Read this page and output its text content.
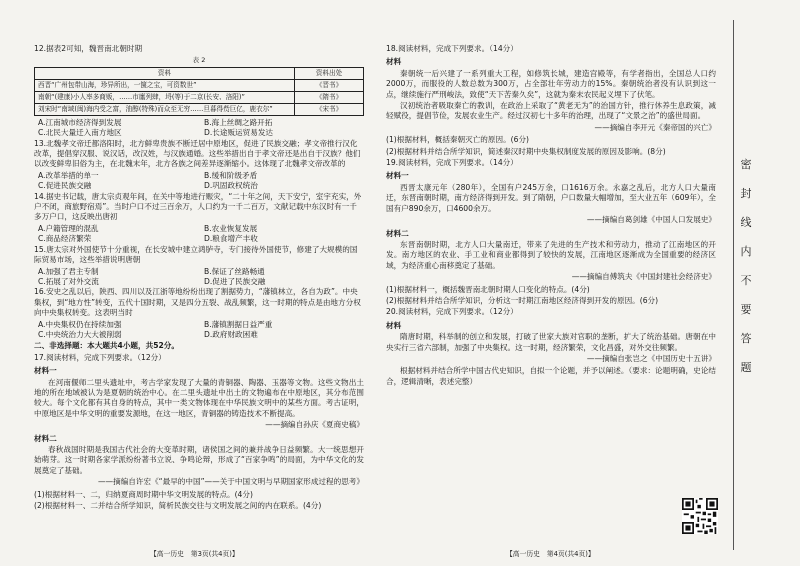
12.据表2可知，魏晋南北朝时期
表 2
资料	资料出处
西晋“广州包带山海，珍异所出，一箧之宝，可资数世”	《晋书》
南朝“(建康)小人率多商贩，……市廛列肆，埒(等)于二京(长安、洛阳)”	《隋书》
刘宋时“南域(闽)海内受之富，油醇(特殊)而众至无穷……旦暮得赀巨亿，鹿衣尔”	《宋书》
A.江南城市经济得到发展	B.海上丝绸之路开拓
C.北民大量迁入南方地区	D.长途贩运贸易发达
13.北魏孝文帝迁都洛阳时，北方鲜卑贵族不断迁居中原地区，促进了民族交融；孝文帝推行汉化改革，提倡穿汉服、说汉话，改汉姓，与汉族通婚。这些举措出自于孝文帝还是出自于汉族？他们以改变鲜卑旧俗为主，在北魏末年，北方各族之间差异逐渐缩小。这体现了北魏孝文帝改革的
A.改革举措的单一	B.缓和阶级矛盾
C.促进民族交融	D.巩固政权统治
14.据史书记载，唐太宗贞观年间，在关中等地进行赈灾，“二十年之间，天下安宁，室宇充实，外户不闭，商旅野宿焉”。当时户口不过三百余万，人口约为一千二百万，文献记载中东汉时有一千多万户口，这反映出唐初
A.户籍管理的混乱	B.农业恢复发展
C.商品经济繁荣	D.粮食增产丰收
15.唐太宗对外国使节十分重视，在长安城中建立鸿胪寺，专门接待外国使节，修建了大规模的国际贸易市场，这些举措说明唐朝
A.加强了君主专制	B.保证了丝路畅通
C.拓展了对外交流	D.促进了民族交融
16.安史之乱以后，陕西、四川以及江浙等地纷纷出现了割据势力，“藩镇林立，各自为政”。中央集权，到“地方性”转变，五代十国时期，又是四分五裂、战乱频繁，这一时期的特点是由地方分权向中央集权转变。这表明当时
A.中央集权仍在持续加强	B.藩镇割据日益严重
C.中央统治力大大被削弱	D.政府财政困难
二、非选择题：本大题共4小题，共52分。
17.阅读材料，完成下列要求。（12分）
材料一

在河南偃师二里头遗址中，考古学家发现了大量的青铜器、陶器、玉器等文物。这些文物出土地的所在地域被认为是夏朝的统治中心。在二里头遗址中出土的文物遍布在中原地区，其分布范围较大。每个文化都有其自身的特点，其中一类文物体现在中华民族文明中的某些方面。考古证明，中原地区是中华文明的重要发源地，在这一地区，青铜器的铸造技术不断提高。

——摘编自孙庆《夏商史稿》
材料二

春秋战国时期是我国古代社会的大变革时期，诸侯国之间的兼并战争日益频繁。大一统思想开始萌芽。这一时期各家学派纷纷著书立说、争鸣论辩，形成了“百家争鸣”的局面，为中华文化的发展奠定了基础。

——摘编自许宏《“最早的中国”——关于中国文明与早期国家形成过程的思考》
(1)根据材料一、二，归纳夏商周时期中华文明发展的特点。(4分)
(2)根据材料一、二并结合所学知识，简析民族交往与文明发展之间的内在联系。(4分)
18.阅读材料，完成下列要求。（14分）
材料

秦朝统一后兴建了一系列重大工程，如修筑长城，建造宫殿等，有学者指出，全国总人口约2000万，而服役的人数总数为300万，占全部壮年劳动力的15%。秦朝统治者没有认识到这一点，继续施行严刑峻法，致使“天下苦秦久矣”，这就为秦末农民起义埋下了伏笔。

汉初统治者吸取秦亡的教训，在政治上采取了“黄老无为”的治国方针，推行休养生息政策，减轻赋役，提倡节俭，发展农业生产。经过汉初七十多年的治理，出现了“文景之治”的盛世局面。

——摘编自李开元《秦帝国的兴亡》
(1)根据材料，概括秦朝灭亡的原因。(6分)
(2)根据材料并结合所学知识，简述秦汉时期中央集权制度发展的原因及影响。(8分)
19.阅读材料，完成下列要求。（14分）
材料一

西晋太康元年（280年），全国有户245万余，口1616万余。永嘉之乱后，北方人口大量南迁，东晋南朝时期，南方经济得到开发。到了隋朝，户口数量大幅增加，至大业五年（609年），全国有户890余万，口4600余万。

——摘编自葛剑雄《中国人口发展史》
材料二

东晋南朝时期，北方人口大量南迁，带来了先进的生产技术和劳动力，推动了江南地区的开发。南方地区的农业、手工业和商业都得到了较快的发展，江南地区逐渐成为全国重要的经济区域，为经济重心南移奠定了基础。

——摘编自傅筑夫《中国封建社会经济史》
(1)根据材料一，概括魏晋南北朝时期人口变化的特点。(4分)
(2)根据材料并结合所学知识，分析这一时期江南地区经济得到开发的原因。(6分)
20.阅读材料，完成下列要求。（12分）
材料

隋唐时期，科举制的创立和发展，打破了世家大族对官职的垄断，扩大了统治基础。唐朝在中央实行三省六部制，加强了中央集权。这一时期，经济繁荣，文化昌盛，对外交往频繁。

——摘编自张岂之《中国历史十五讲》

根据材料并结合所学中国古代史知识，自拟一个论题，并予以阐述。（要求：论题明确，史论结合，逻辑清晰，表述完整）

【高一历史　第3页(共4页)】	【高一历史　第4页(共4页)】
密
封
线
内
不
要
答
题
